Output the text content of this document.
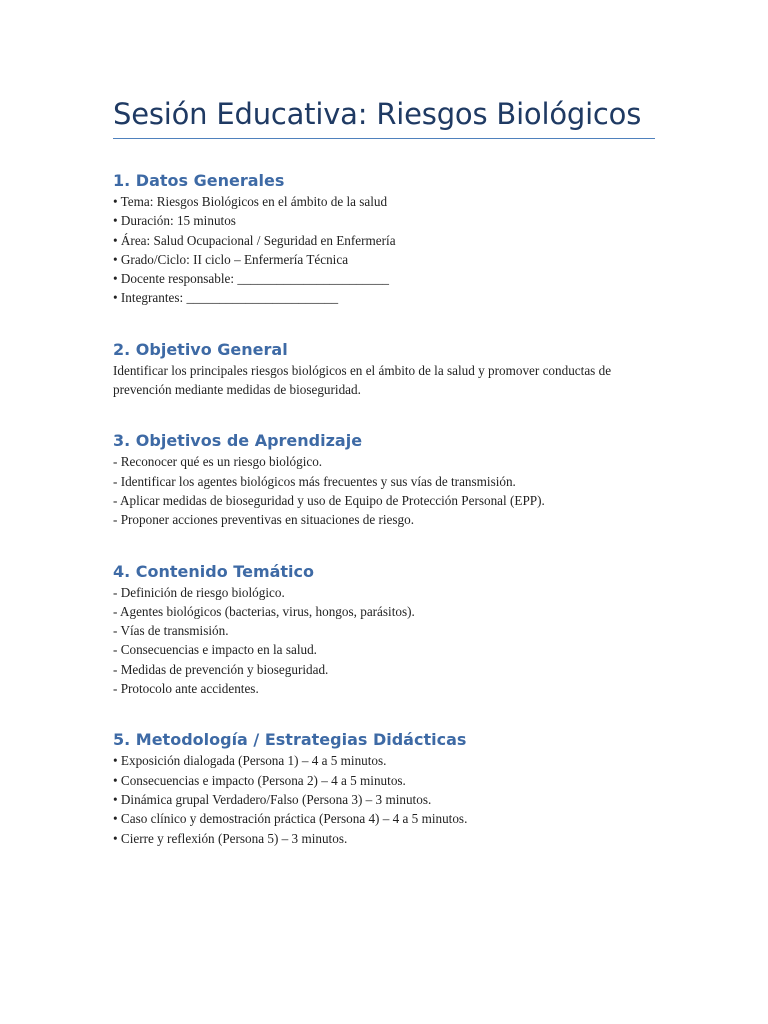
Sesión Educativa: Riesgos Biológicos
1. Datos Generales
• Tema: Riesgos Biológicos en el ámbito de la salud
• Duración: 15 minutos
• Área: Salud Ocupacional / Seguridad en Enfermería
• Grado/Ciclo: II ciclo – Enfermería Técnica
• Docente responsable: _______________________
• Integrantes: _______________________
2. Objetivo General

Identificar los principales riesgos biológicos en el ámbito de la salud y promover conductas de prevención mediante medidas de bioseguridad.

3. Objetivos de Aprendizaje
- Reconocer qué es un riesgo biológico.
- Identificar los agentes biológicos más frecuentes y sus vías de transmisión.
- Aplicar medidas de bioseguridad y uso de Equipo de Protección Personal (EPP).
- Proponer acciones preventivas en situaciones de riesgo.
4. Contenido Temático
- Definición de riesgo biológico.
- Agentes biológicos (bacterias, virus, hongos, parásitos).
- Vías de transmisión.
- Consecuencias e impacto en la salud.
- Medidas de prevención y bioseguridad.
- Protocolo ante accidentes.
5. Metodología / Estrategias Didácticas
• Exposición dialogada (Persona 1) – 4 a 5 minutos.
• Consecuencias e impacto (Persona 2) – 4 a 5 minutos.
• Dinámica grupal Verdadero/Falso (Persona 3) – 3 minutos.
• Caso clínico y demostración práctica (Persona 4) – 4 a 5 minutos.
• Cierre y reflexión (Persona 5) – 3 minutos.
